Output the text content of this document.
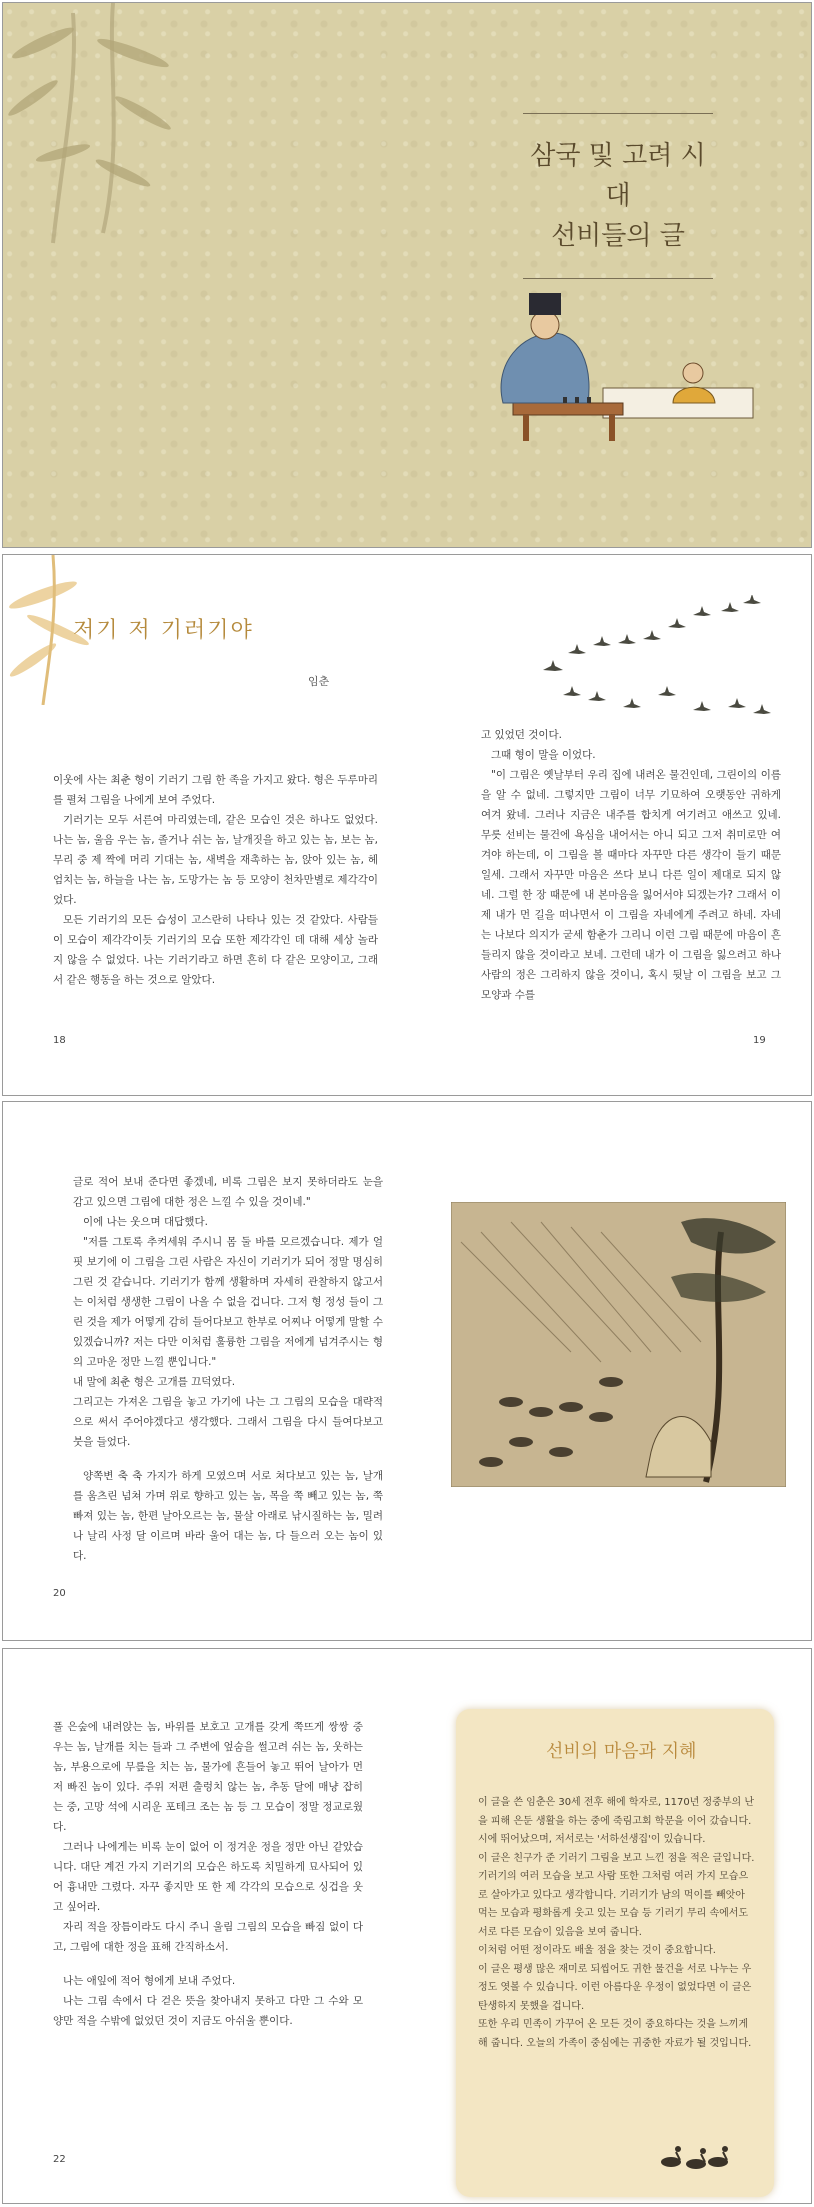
삼국 및 고려 시대
선비들의 글
저기 저 기러기야
임춘

이웃에 사는 최춘 형이 기러기 그림 한 족을 가지고 왔다. 형은 두루마리를 펼쳐 그림을 나에게 보여 주었다.

기러기는 모두 서른여 마리였는데, 같은 모습인 것은 하나도 없었다. 나는 놈, 울음 우는 놈, 졸거나 쉬는 놈, 날개짓을 하고 있는 놈, 보는 놈, 무리 중 제 짝에 머리 기대는 놈, 새벽을 재촉하는 놈, 앉아 있는 놈, 헤엄치는 놈, 하늘을 나는 놈, 도망가는 놈 등 모양이 천차만별로 제각각이었다.

모든 기러기의 모든 습성이 고스란히 나타나 있는 것 같았다. 사람들이 모습이 제각각이듯 기러기의 모습 또한 제각각인 데 대해 세상 놀라지 않을 수 없었다. 나는 기러기라고 하면 흔히 다 같은 모양이고, 그래서 같은 행동을 하는 것으로 알았다.

고 있었던 것이다.

그때 형이 말을 이었다.

"이 그림은 옛날부터 우리 집에 내려온 물건인데, 그린이의 이름을 알 수 없네. 그렇지만 그림이 너무 기묘하여 오랫동안 귀하게 여겨 왔네. 그러나 지금은 내주를 합치게 여기려고 애쓰고 있네. 무릇 선비는 물건에 욕심을 내어서는 아니 되고 그저 취미로만 여겨야 하는데, 이 그림을 볼 때마다 자꾸만 다른 생각이 들기 때문일세. 그래서 자꾸만 마음은 쓰다 보니 다른 일이 제대로 되지 않네. 그럴 한 장 때문에 내 본마음을 잃어서야 되겠는가? 그래서 이제 내가 먼 길을 떠나면서 이 그림을 자네에게 주려고 하네. 자네는 나보다 의지가 굳세 함춘가 그리니 이런 그림 때문에 마음이 흔들리지 않을 것이라고 보네. 그런데 내가 이 그림을 잃으려고 하나 사람의 정은 그리하지 않을 것이니, 혹시 뒷날 이 그림을 보고 그 모양과 수를

18	19

글로 적어 보내 준다면 좋겠네, 비록 그림은 보지 못하더라도 눈을 감고 있으면 그림에 대한 정은 느낄 수 있을 것이네."

이에 나는 웃으며 대답했다.

"저를 그토록 추켜세워 주시니 몸 둘 바를 모르겠습니다. 제가 얼핏 보기에 이 그림을 그린 사람은 자신이 기러기가 되어 정말 명심히 그린 것 같습니다. 기러기가 함께 생활하며 자세히 관찰하지 않고서는 이처럼 생생한 그림이 나올 수 없을 겁니다. 그저 형 정성 들이 그린 것을 제가 어떻게 감히 들어다보고 한부로 어찌나 어떻게 말할 수 있겠습니까? 저는 다만 이처럼 훌륭한 그림을 저에게 넘겨주시는 형의 고마운 정만 느낄 뿐입니다."

내 말에 최춘 형은 고개를 끄덕였다.

그리고는 가져온 그림을 놓고 가기에 나는 그 그림의 모습을 대략적으로 써서 주어야겠다고 생각했다. 그래서 그림을 다시 들여다보고 붓을 들었다.

양쪽변 축 축 가지가 하게 모였으며 서로 쳐다보고 있는 놈, 날개를 움츠린 넘쳐 가며 위로 향하고 있는 놈, 목을 쭉 빼고 있는 놈, 쭉빠져 있는 놈, 한편 날아오르는 놈, 물살 아래로 낚시질하는 놈, 밀려나 날리 사정 달 이르며 바라 울어 대는 놈, 다 들으러 오는 놈이 있다.

20

풀 은숲에 내려앉는 놈, 바위를 보호고 고개를 갖게 쭉뜨게 쌍쌍 중 우는 놈, 날개를 치는 들과 그 주변에 엎숨을 썰고려 쉬는 놈, 웃하는 놈, 부용으로에 무릎을 치는 놈, 물가에 흔들어 놓고 뛰어 날아가 먼저 빠진 놈이 있다. 주위 저편 출렁치 않는 놈, 추동 달에 매냥 잡히는 중, 고망 석에 시리운 포테크 조는 놈 등 그 모습이 정말 정교로웠다.

그러나 나에게는 비록 눈이 없어 이 정겨운 정을 정만 아닌 같았습니다. 대단 계건 가지 기러기의 모습은 하도록 치밀하게 묘사되어 있어 흉내만 그렸다. 자꾸 좋지만 또 한 제 각각의 모습으로 싱겁을 웃고 싶어라.

자리 적을 장틈이라도 다시 주니 울림 그림의 모습을 빠짐 없이 다고, 그림에 대한 정을 표해 간직하소서.

나는 애잎에 적어 형에게 보내 주었다.

나는 그림 속에서 다 걷은 뜻을 찾아내지 못하고 다만 그 수와 모양만 적을 수밖에 없었던 것이 지금도 아쉬울 뿐이다.

선비의 마음과 지혜

이 글을 쓴 임춘은 30세 전후 해에 학자로, 1170년 정중부의 난을 피해 은둔 생활을 하는 중에 죽림고회 학문을 이어 갔습니다. 시에 뛰어났으며, 저서로는 '서하선생집'이 있습니다.

이 글은 친구가 준 기러기 그림을 보고 느낀 점을 적은 글입니다. 기러기의 여러 모습을 보고 사람 또한 그처럼 여러 가지 모습으로 살아가고 있다고 생각합니다. 기러기가 남의 먹이를 빼앗아 먹는 모습과 평화롭게 웃고 있는 모습 등 기러기 무리 속에서도 서로 다른 모습이 있음을 보여 줍니다.

이처럼 어떤 정이라도 배울 점을 찾는 것이 중요합니다.

이 글은 평생 많은 재미로 되씹어도 귀한 물건을 서로 나누는 우정도 엿볼 수 있습니다. 이런 아름다운 우정이 없었다면 이 글은 탄생하지 못했을 겁니다.

또한 우리 민족이 가꾸어 온 모든 것이 중요하다는 것을 느끼게 해 줍니다. 오늘의 가족이 중심에는 귀중한 자료가 될 것입니다.

22
